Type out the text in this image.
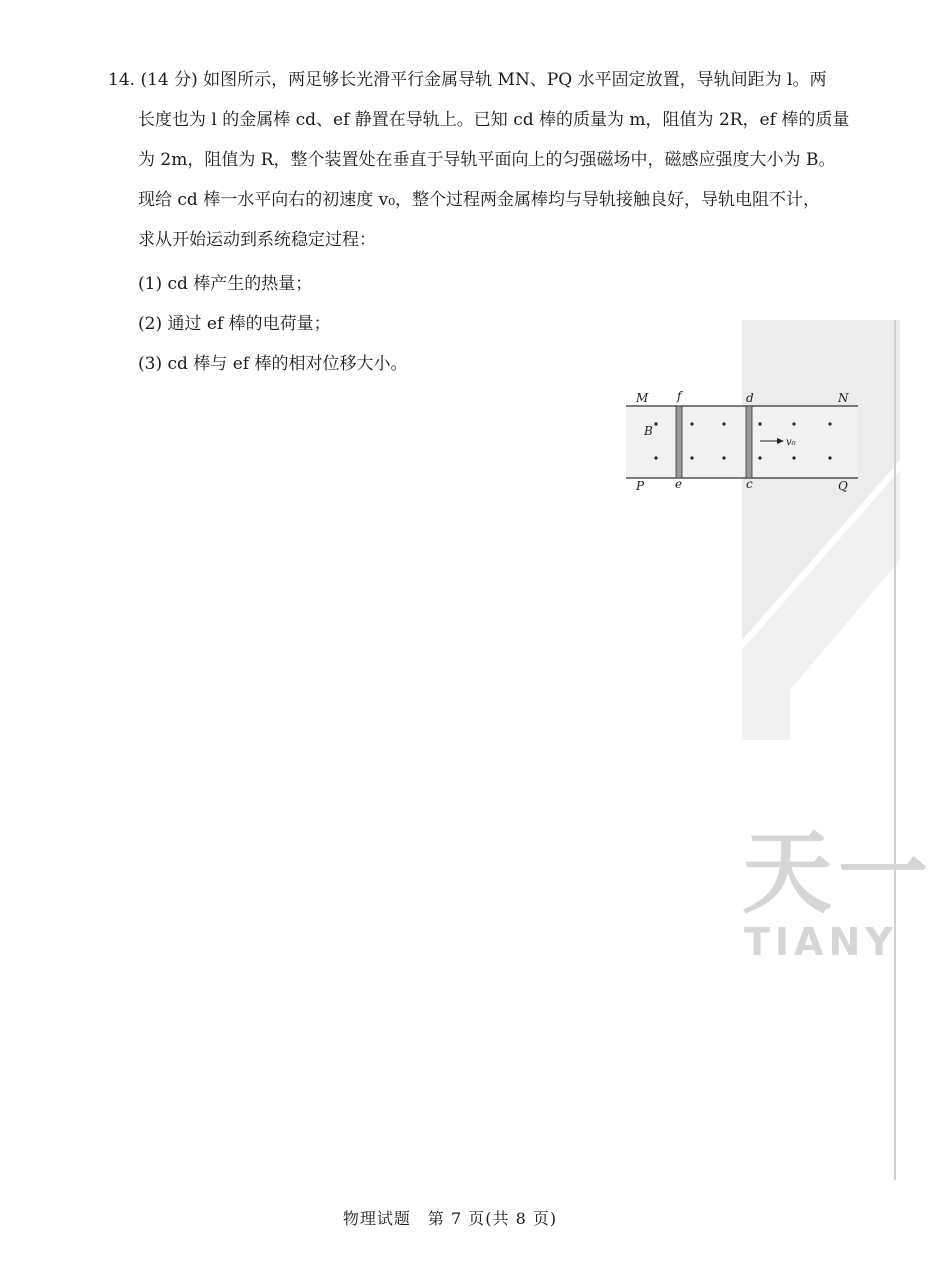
天一
TIANY
14. (14 分) 如图所示，两足够长光滑平行金属导轨 MN、PQ 水平固定放置，导轨间距为 l。两
长度也为 l 的金属棒 cd、ef 静置在导轨上。已知 cd 棒的质量为 m，阻值为 2R，ef 棒的质量
为 2m，阻值为 R，整个装置处在垂直于导轨平面向上的匀强磁场中，磁感应强度大小为 B。
现给 cd 棒一水平向右的初速度 v₀，整个过程两金属棒均与导轨接触良好，导轨电阻不计，
求从开始运动到系统稳定过程：
(1) cd 棒产生的热量；
(2) 通过 ef 棒的电荷量；
(3) cd 棒与 ef 棒的相对位移大小。
M	N
P	Q
f
e
d
c
B
v₀
物理试题　第 7 页(共 8 页)
